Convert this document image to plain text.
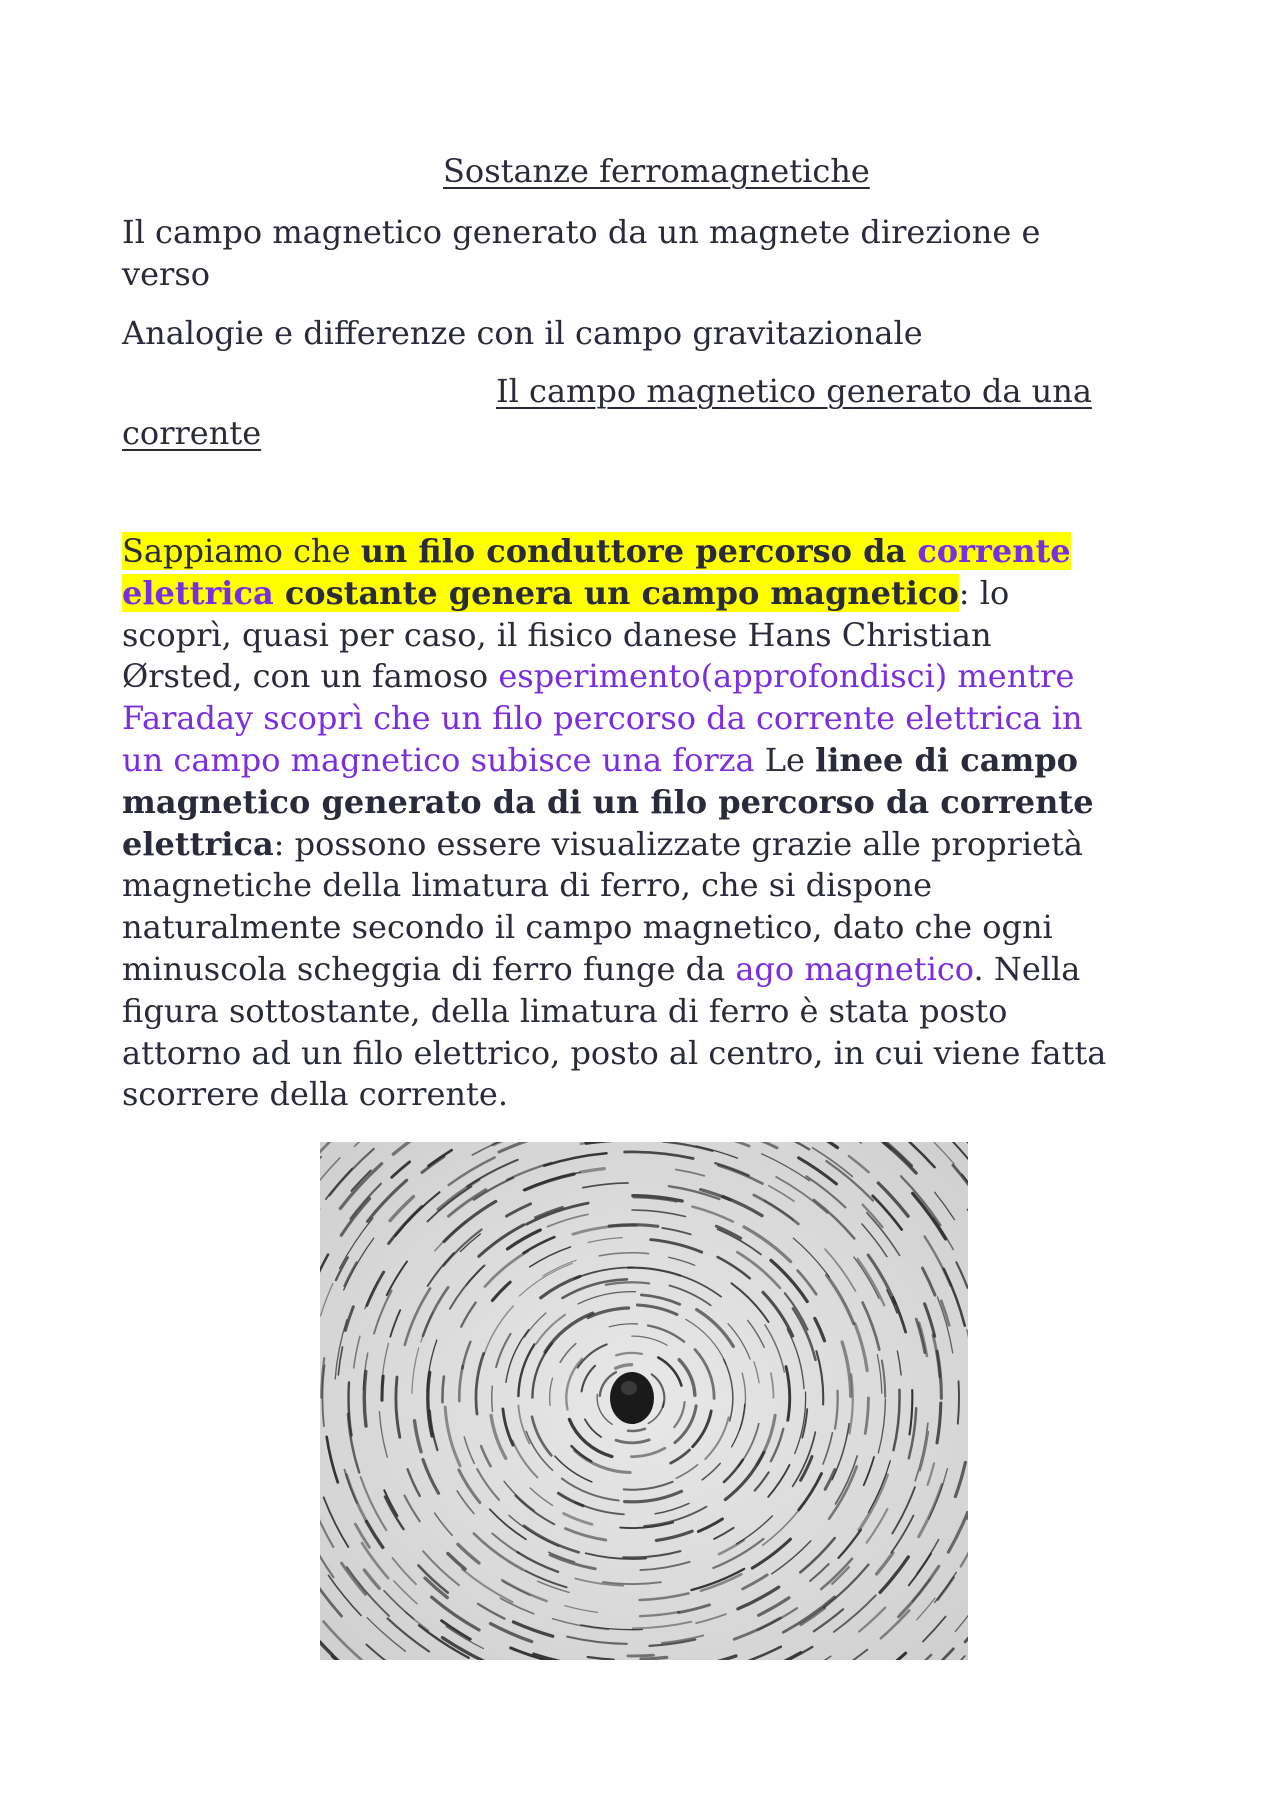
Sostanze ferromagnetiche
Il campo magnetico generato da un magnete direzione e
verso
Analogie e differenze con il campo gravitazionale
Il campo magnetico generato da una
corrente
Sappiamo che un filo conduttore percorso da corrente
elettrica costante genera un campo magnetico: lo
scoprì, quasi per caso, il fisico danese Hans Christian
Ørsted, con un famoso esperimento(approfondisci) mentre
Faraday scoprì che un filo percorso da corrente elettrica in
un campo magnetico subisce una forza Le linee di campo
magnetico generato da di un filo percorso da corrente
elettrica: possono essere visualizzate grazie alle proprietà
magnetiche della limatura di ferro, che si dispone
naturalmente secondo il campo magnetico, dato che ogni
minuscola scheggia di ferro funge da ago magnetico. Nella
figura sottostante, della limatura di ferro è stata posto
attorno ad un filo elettrico, posto al centro, in cui viene fatta
scorrere della corrente.
